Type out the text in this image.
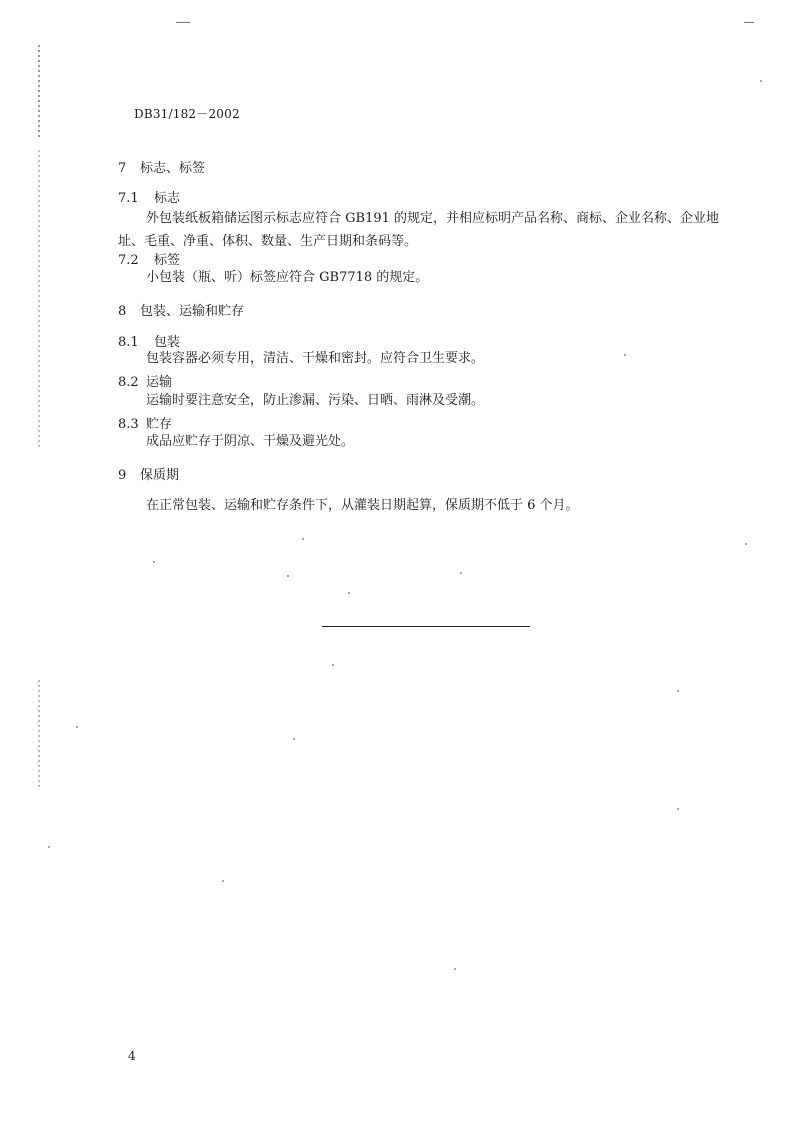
DB31/182－2002
7 标志、标签
7.1 标志
外包装纸板箱储运图示标志应符合 GB191 的规定，并相应标明产品名称、商标、企业名称、企业地址、毛重、净重、体积、数量、生产日期和条码等。
7.2 标签
小包装（瓶、听）标签应符合 GB7718 的规定。
8 包装、运输和贮存
8.1 包装
包装容器必须专用，清洁、干燥和密封。应符合卫生要求。
8.2 运输
运输时要注意安全，防止渗漏、污染、日晒、雨淋及受潮。
8.3 贮存
成品应贮存于阴凉、干燥及避光处。
9 保质期
在正常包装、运输和贮存条件下，从灌装日期起算，保质期不低于 6 个月。
4
